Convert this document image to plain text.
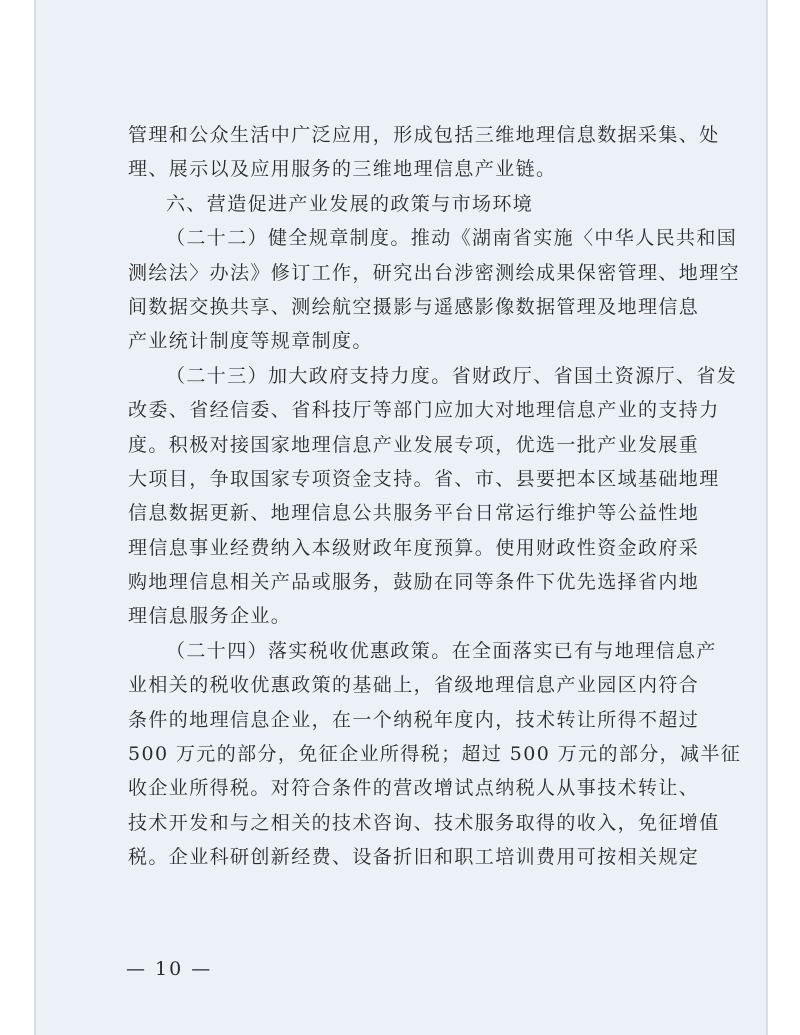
管理和公众生活中广泛应用，形成包括三维地理信息数据采集、处
理、展示以及应用服务的三维地理信息产业链。
六、营造促进产业发展的政策与市场环境
（二十二）健全规章制度。推动《湖南省实施〈中华人民共和国
测绘法〉办法》修订工作，研究出台涉密测绘成果保密管理、地理空
间数据交换共享、测绘航空摄影与遥感影像数据管理及地理信息
产业统计制度等规章制度。
（二十三）加大政府支持力度。省财政厅、省国土资源厅、省发
改委、省经信委、省科技厅等部门应加大对地理信息产业的支持力
度。积极对接国家地理信息产业发展专项，优选一批产业发展重
大项目，争取国家专项资金支持。省、市、县要把本区域基础地理
信息数据更新、地理信息公共服务平台日常运行维护等公益性地
理信息事业经费纳入本级财政年度预算。使用财政性资金政府采
购地理信息相关产品或服务，鼓励在同等条件下优先选择省内地
理信息服务企业。
（二十四）落实税收优惠政策。在全面落实已有与地理信息产
业相关的税收优惠政策的基础上，省级地理信息产业园区内符合
条件的地理信息企业，在一个纳税年度内，技术转让所得不超过
500 万元的部分，免征企业所得税；超过 500 万元的部分，减半征
收企业所得税。对符合条件的营改增试点纳税人从事技术转让、
技术开发和与之相关的技术咨询、技术服务取得的收入，免征增值
税。企业科研创新经费、设备折旧和职工培训费用可按相关规定
— 10 —
